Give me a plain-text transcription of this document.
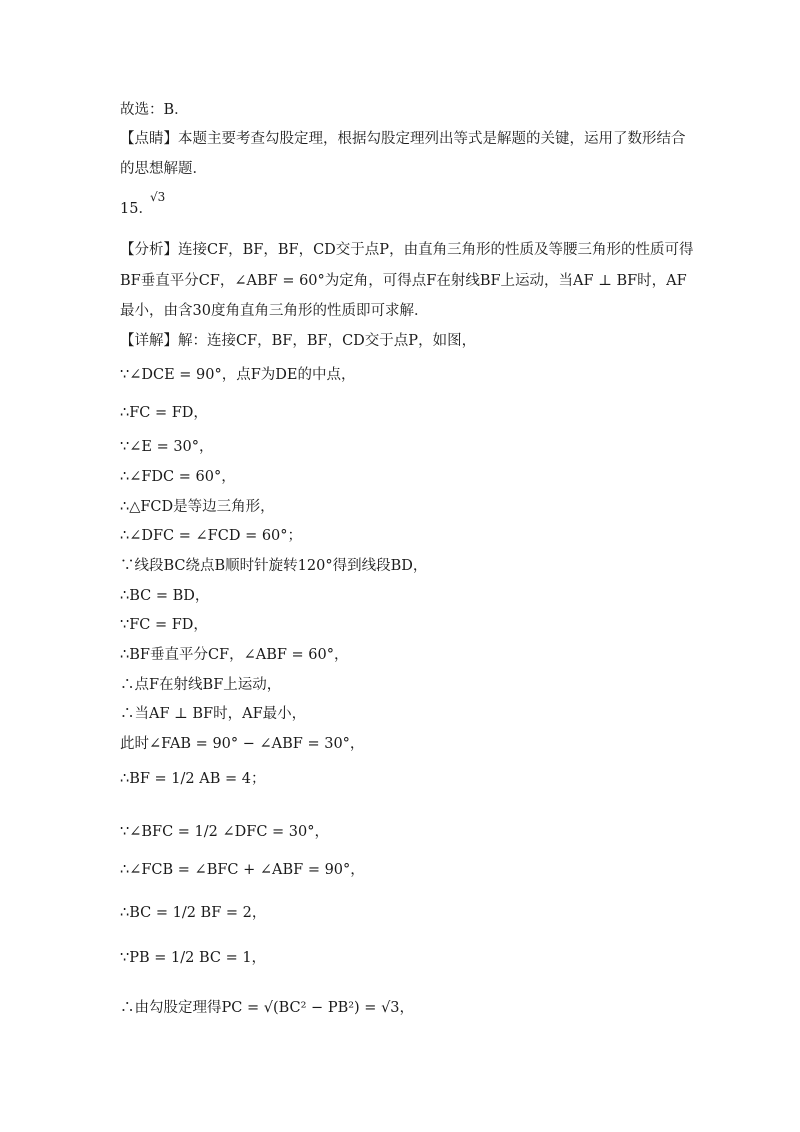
故选：B．
【点睛】本题主要考查勾股定理，根据勾股定理列出等式是解题的关键，运用了数形结合
的思想解题．
15．
√3
【分析】连接CF，BF，BF，CD交于点P，由直角三角形的性质及等腰三角形的性质可得
BF垂直平分CF，∠ABF = 60°为定角，可得点F在射线BF上运动，当AF ⊥ BF时，AF
最小，由含30度角直角三角形的性质即可求解．
【详解】解：连接CF，BF，BF，CD交于点P，如图，
∵∠DCE = 90°，点F为DE的中点，
∴FC = FD，
∵∠E = 30°，
∴∠FDC = 60°，
∴△FCD是等边三角形，
∴∠DFC = ∠FCD = 60°；
∵线段BC绕点B顺时针旋转120°得到线段BD，
∴BC = BD，
∵FC = FD，
∴BF垂直平分CF，∠ABF = 60°，
∴点F在射线BF上运动，
∴当AF ⊥ BF时，AF最小，
此时∠FAB = 90° − ∠ABF = 30°，
∴BF = 1/2 AB = 4；
∵∠BFC = 1/2 ∠DFC = 30°，
∴∠FCB = ∠BFC + ∠ABF = 90°，
∴BC = 1/2 BF = 2，
∵PB = 1/2 BC = 1，
∴由勾股定理得PC = √(BC² − PB²) = √3，
